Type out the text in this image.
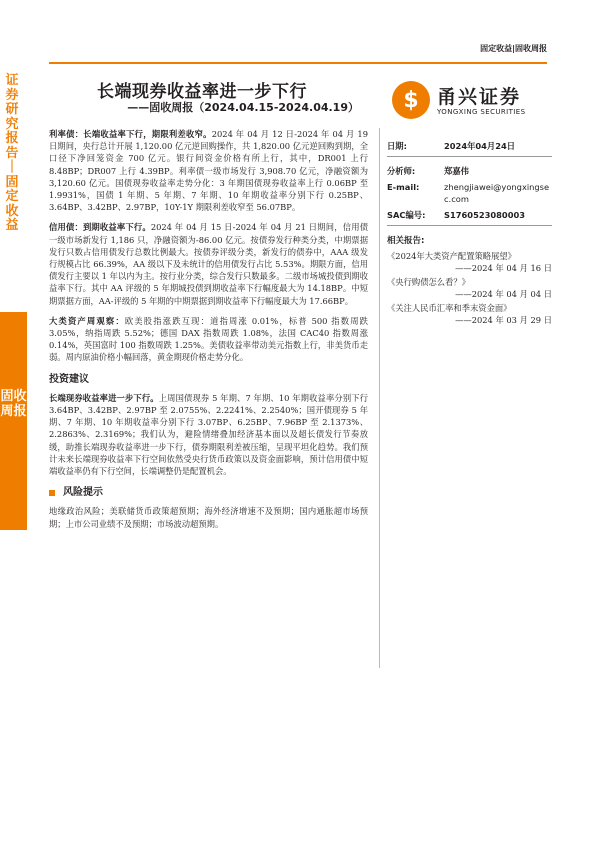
证券研究报告｜固定收益
固收周报
固定收益|固收周报
长端现券收益率进一步下行
——固收周报（2024.04.15-2024.04.19）	$ 甬兴证券
YONGXING SECURITIES

利率债：长端收益率下行，期限利差收窄。2024 年 04 月 12 日-2024 年 04 月 19 日期间，央行总计开展 1,120.00 亿元逆回购操作，共 1,820.00 亿元逆回购到期，全口径下净回笼资金 700 亿元。银行间资金价格有所上行，其中，DR001 上行 8.48BP；DR007 上行 4.39BP。利率债一级市场发行 3,908.70 亿元，净融资额为 3,120.60 亿元。国债现券收益率走势分化：3 年期国债现券收益率上行 0.06BP 至 1.9931%，国债 1 年期、5 年期、7 年期、10 年期收益率分别下行 0.25BP、3.64BP、3.42BP、2.97BP，10Y-1Y 期限利差收窄至 56.07BP。

信用债：到期收益率下行。2024 年 04 月 15 日-2024 年 04 月 21 日期间，信用债一级市场新发行 1,186 只，净融资额为-86.00 亿元。按债券发行种类分类，中期票据发行只数占信用债发行总数比例最大。按债券评级分类，新发行的债券中，AAA 级发行规模占比 66.39%，AA 级以下及未统计的信用债发行占比 5.53%。期限方面，信用债发行主要以 1 年以内为主。按行业分类，综合发行只数最多。二级市场城投债到期收益率下行。其中 AA 评级的 5 年期城投债到期收益率下行幅度最大为 14.18BP。中短期票据方面，AA-评级的 5 年期的中期票据到期收益率下行幅度最大为 17.66BP。

大类资产周观察：欧美股指涨跌互现：道指周涨 0.01%，标普 500 指数周跌 3.05%，纳指周跌 5.52%；德国 DAX 指数周跌 1.08%，法国 CAC40 指数周涨 0.14%，英国富时 100 指数周跌 1.25%。美债收益率带动美元指数上行，非美货币走弱。周内原油价格小幅回落，黄金期现价格走势分化。

投资建议

长端现券收益率进一步下行。上周国债现券 5 年期、7 年期、10 年期收益率分别下行 3.64BP、3.42BP、2.97BP 至 2.0755%、2.2241%、2.2540%；国开债现券 5 年期、7 年期、10 年期收益率分别下行 3.07BP、6.25BP、7.96BP 至 2.1373%、2.2863%、2.3169%；我们认为，避险情绪叠加经济基本面以及超长债发行节奏放缓，助推长端现券收益率进一步下行，债券期限利差被压缩，呈现平坦化趋势。我们预计未来长端现券收益率下行空间依然受央行货币政策以及资金面影响，预计信用债中短端收益率仍有下行空间，长端调整仍是配置机会。

风险提示

地缘政治风险；美联储货币政策超预期；海外经济增速不及预期；国内通胀超市场预期；上市公司业绩不及预期；市场波动超预期。

日期:	2024年04月24日
分析师:	郑嘉伟
E-mail:	zhengjiawei@yongxingsec.com
SAC编号:	S1760523080003
相关报告:
《2024年大类资产配置策略展望》
——2024 年 04 月 16 日
《央行购债怎么看？》
——2024 年 04 月 04 日
《关注人民币汇率和季末资金面》
——2024 年 03 月 29 日
